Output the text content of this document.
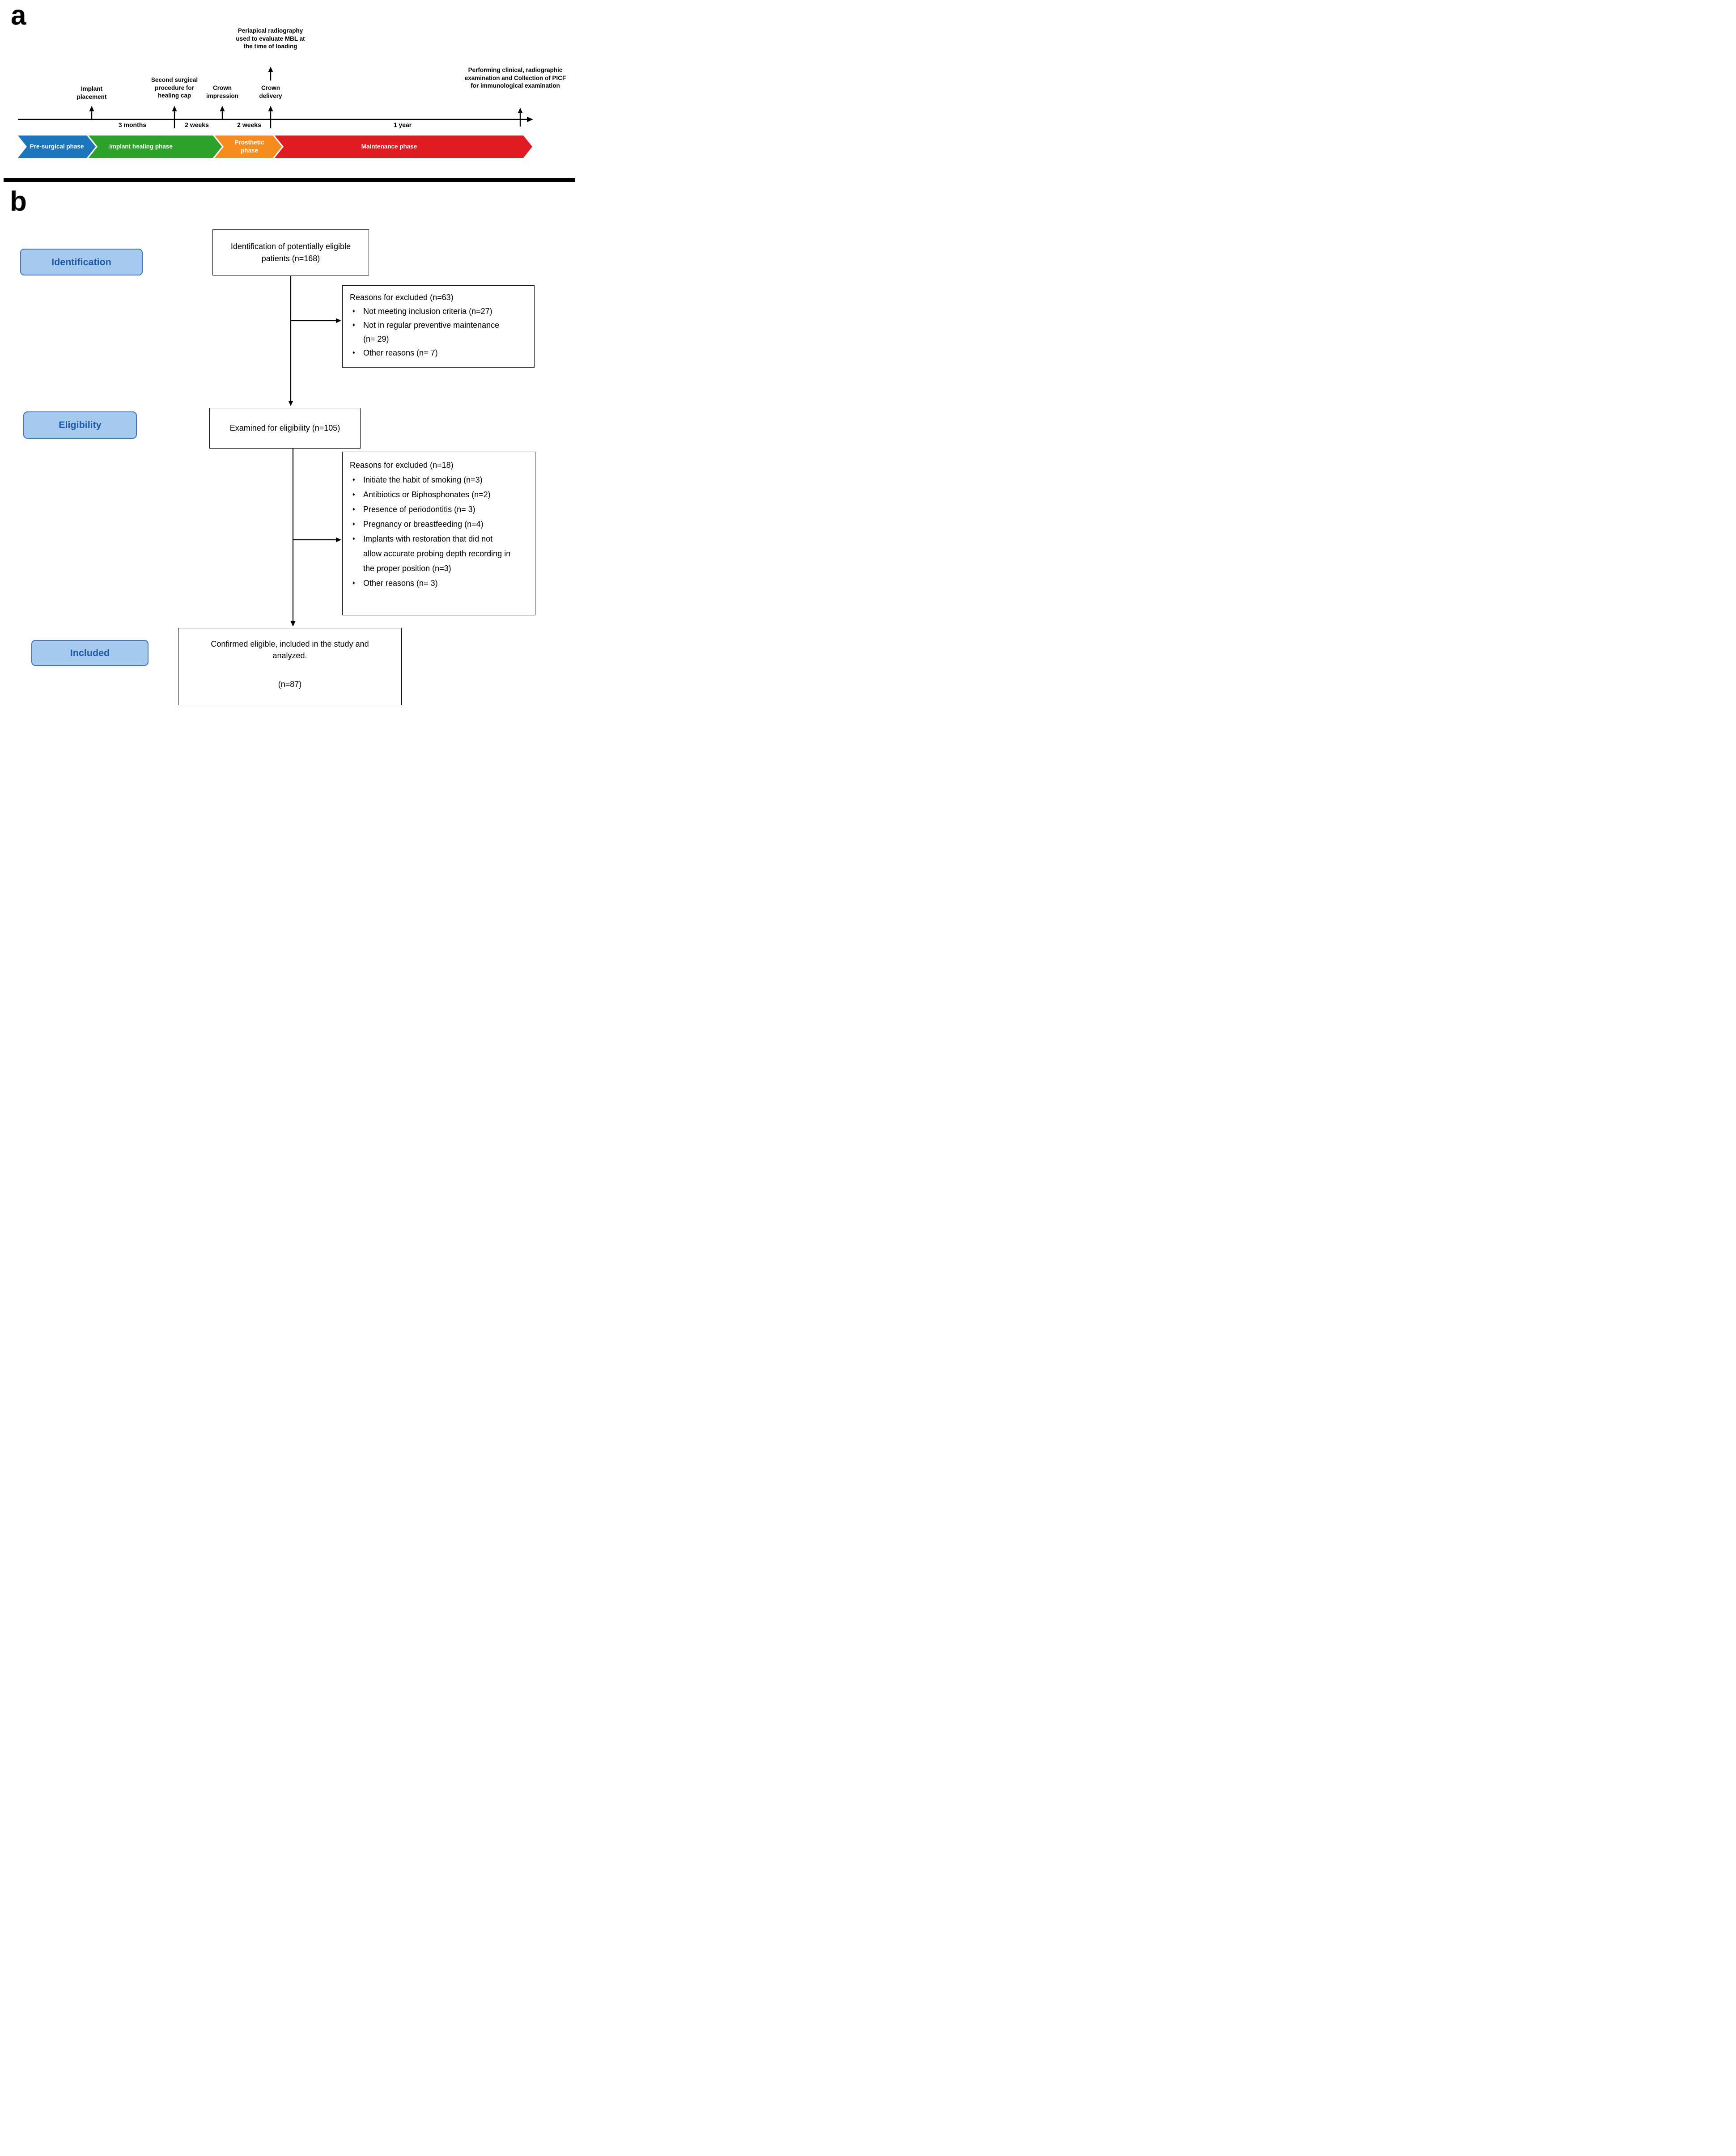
a	Periapical radiography used to evaluate MBL at the time of loading
Performing clinical, radiographic examination and Collection of PICF for immunological examination
Implant placement
Second surgical procedure for healing cap
Crown impression
Crown delivery
3 months	2 weeks	2 weeks	1 year
Pre-surgical phase	Implant healing phase
Prosthetic phase
Maintenance phase
b
Identification
Eligibility
Included
Identification of potentially eligible patients (n=168)
Examined for eligibility (n=105)
Confirmed eligible, included in the study and analyzed.
(n=87)
Reasons for excluded (n=63)
♦	Not meeting inclusion criteria (n=27)
♦	Not in regular preventive maintenance (n= 29)
♦	Other reasons (n= 7)
Reasons for excluded (n=18)
♦	Initiate the habit of smoking (n=3)
♦	Antibiotics or Biphosphonates (n=2)
♦	Presence of periodontitis (n= 3)
♦	Pregnancy or breastfeeding (n=4)
♦	Implants with restoration that did not allow accurate probing depth recording in the proper position (n=3)
♦	Other reasons (n= 3)
